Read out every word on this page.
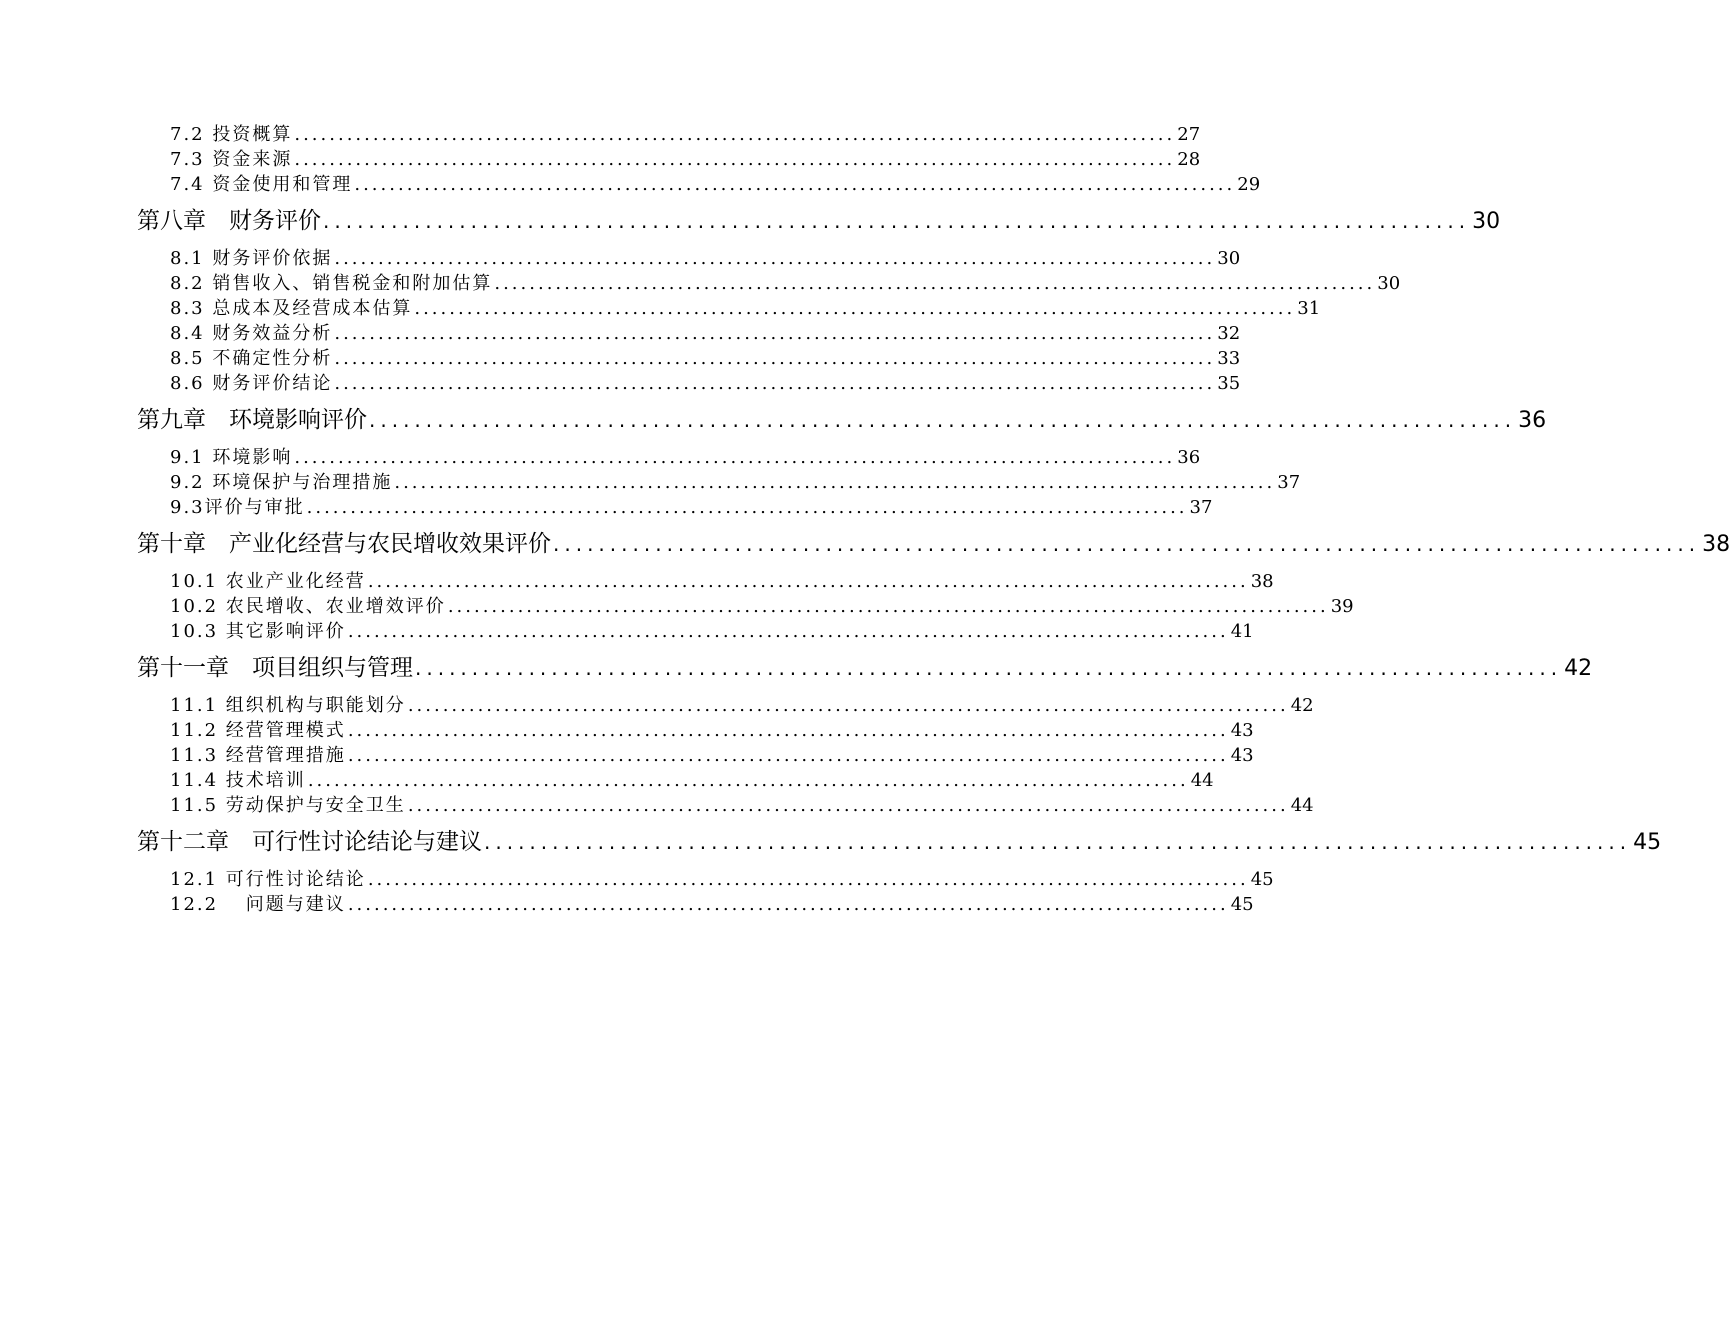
7.2 投资概算 ..................................................................................................... 27
7.3 资金来源 ..................................................................................................... 28
7.4 资金使用和管理 ..................................................................................................... 29
第八章　财务评价 ..................................................................................................... 30
8.1 财务评价依据 ..................................................................................................... 30
8.2 销售收入、销售税金和附加估算 ..................................................................................................... 30
8.3 总成本及经营成本估算 ..................................................................................................... 31
8.4 财务效益分析 ..................................................................................................... 32
8.5 不确定性分析 ..................................................................................................... 33
8.6 财务评价结论 ..................................................................................................... 35
第九章　环境影响评价 ..................................................................................................... 36
9.1 环境影响 ..................................................................................................... 36
9.2 环境保护与治理措施 ..................................................................................................... 37
9.3评价与审批 ..................................................................................................... 37
第十章　产业化经营与农民增收效果评价 ..................................................................................................... 38
10.1 农业产业化经营 ..................................................................................................... 38
10.2 农民增收、农业增效评价 ..................................................................................................... 39
10.3 其它影响评价 ..................................................................................................... 41
第十一章　项目组织与管理 ..................................................................................................... 42
11.1 组织机构与职能划分 ..................................................................................................... 42
11.2 经营管理模式 ..................................................................................................... 43
11.3 经营管理措施 ..................................................................................................... 43
11.4 技术培训 ..................................................................................................... 44
11.5 劳动保护与安全卫生 ..................................................................................................... 44
第十二章　可行性讨论结论与建议 ..................................................................................................... 45
12.1 可行性讨论结论 ..................................................................................................... 45
12.2 　问题与建议 ..................................................................................................... 45
